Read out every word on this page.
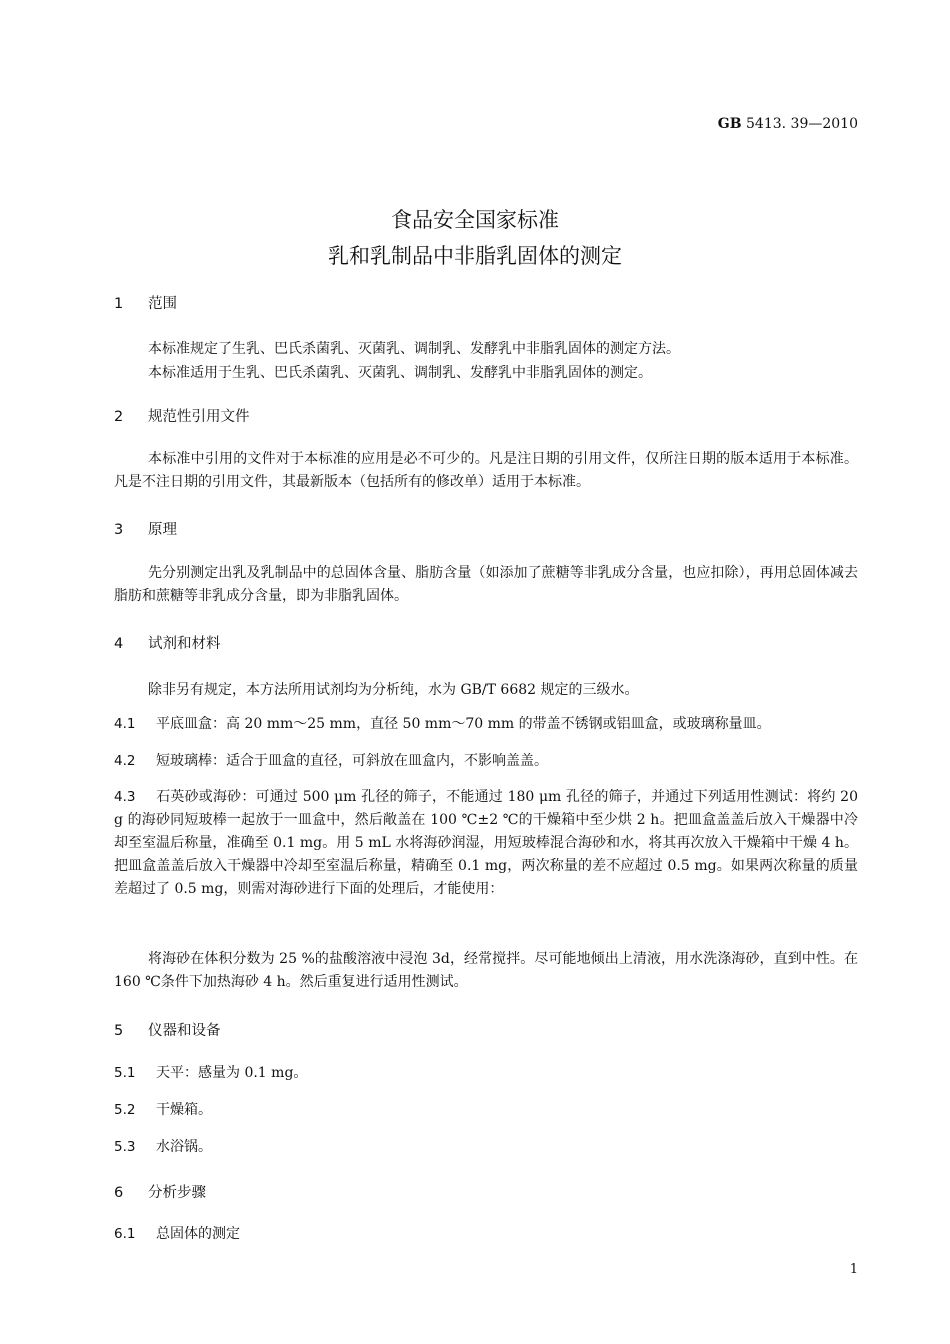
GB 5413. 39—2010
食品安全国家标准
乳和乳制品中非脂乳固体的测定
1 范围
本标准规定了生乳、巴氏杀菌乳、灭菌乳、调制乳、发酵乳中非脂乳固体的测定方法。
本标准适用于生乳、巴氏杀菌乳、灭菌乳、调制乳、发酵乳中非脂乳固体的测定。
2 规范性引用文件
本标准中引用的文件对于本标准的应用是必不可少的。凡是注日期的引用文件，仅所注日期的版本适用于本标准。凡是不注日期的引用文件，其最新版本（包括所有的修改单）适用于本标准。
3 原理
先分别测定出乳及乳制品中的总固体含量、脂肪含量（如添加了蔗糖等非乳成分含量，也应扣除），再用总固体减去脂肪和蔗糖等非乳成分含量，即为非脂乳固体。
4 试剂和材料
除非另有规定，本方法所用试剂均为分析纯，水为 GB/T 6682 规定的三级水。
4.1 平底皿盒：高 20 mm～25 mm，直径 50 mm～70 mm 的带盖不锈钢或铝皿盒，或玻璃称量皿。
4.2 短玻璃棒：适合于皿盒的直径，可斜放在皿盒内，不影响盖盖。
4.3 石英砂或海砂：可通过 500 μm 孔径的筛子，不能通过 180 μm 孔径的筛子，并通过下列适用性测试：将约 20 g 的海砂同短玻棒一起放于一皿盒中，然后敞盖在 100 ℃±2 ℃的干燥箱中至少烘 2 h。把皿盒盖盖后放入干燥器中冷却至室温后称量，准确至 0.1 mg。用 5 mL 水将海砂润湿，用短玻棒混合海砂和水，将其再次放入干燥箱中干燥 4 h。把皿盒盖盖后放入干燥器中冷却至室温后称量，精确至 0.1 mg，两次称量的差不应超过 0.5 mg。如果两次称量的质量差超过了 0.5 mg，则需对海砂进行下面的处理后，才能使用：
将海砂在体积分数为 25 %的盐酸溶液中浸泡 3d，经常搅拌。尽可能地倾出上清液，用水洗涤海砂，直到中性。在 160 ℃条件下加热海砂 4 h。然后重复进行适用性测试。
5 仪器和设备
5.1 天平：感量为 0.1 mg。
5.2 干燥箱。
5.3 水浴锅。
6 分析步骤
6.1 总固体的测定
1
